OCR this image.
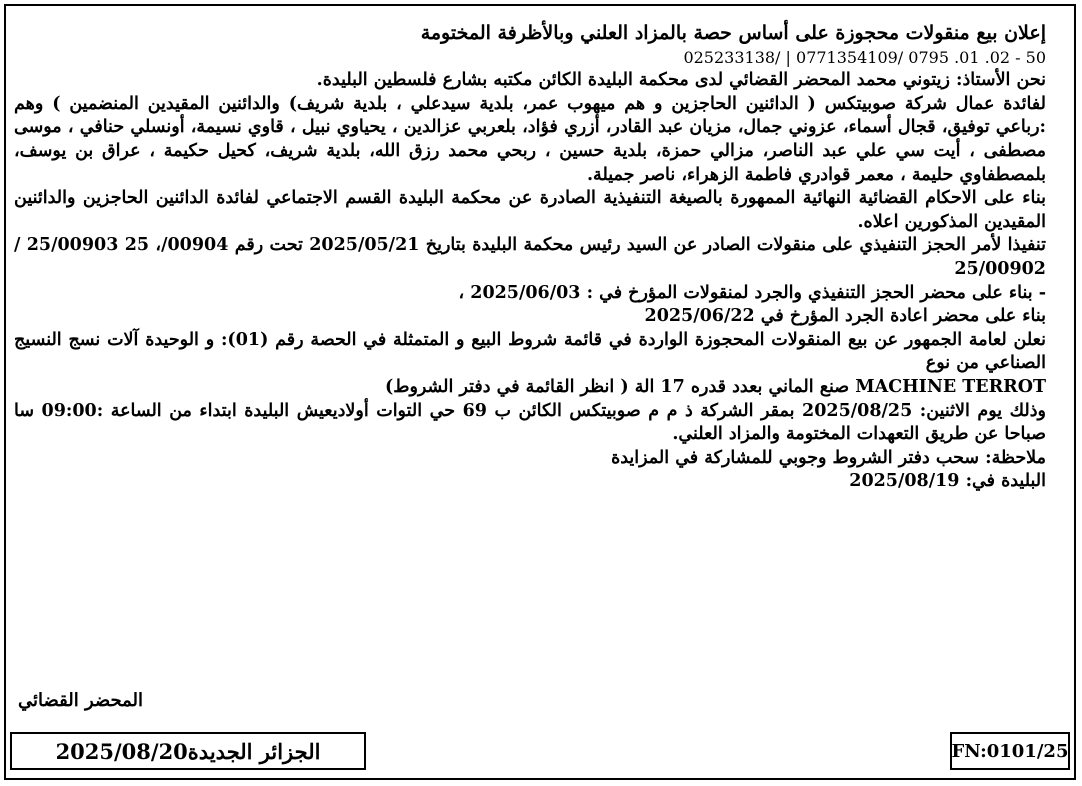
إعلان بيع منقولات محجوزة على أساس حصة بالمزاد العلني وبالأظرفة المختومة
025233138/ | 0771354109/ 0795 .01 .02 - 50
نحن الأستاذ: زيتوني محمد المحضر القضائي لدى محكمة البليدة الكائن مكتبه بشارع فلسطين البليدة.
لفائدة عمال شركة صوبيتكس ( الدائنين الحاجزين و هم ميهوب عمر، بلدية سيدعلي ، بلدية شريف) والدائنين المقيدين المنضمين ) وهم :رباعي توفيق، قجال أسماء، عزوني جمال، مزيان عبد القادر، أزري فؤاد، بلعربي عزالدين ، يحياوي نبيل ، قاوي نسيمة، أونسلي حنافي ، موسى مصطفى ، أيت سي علي عبد الناصر، مزالي حمزة، بلدية حسين ، ربحي محمد رزق الله، بلدية شريف، كحيل حكيمة ، عراق بن يوسف، بلمصطفاوي حليمة ، معمر قوادري فاطمة الزهراء، ناصر جميلة.
بناء على الاحكام القضائية النهائية الممهورة بالصيغة التنفيذية الصادرة عن محكمة البليدة القسم الاجتماعي لفائدة الدائنين الحاجزين والدائنين المقيدين المذكورين اعلاه.
تنفيذا لأمر الحجز التنفيذي على منقولات الصادر عن السيد رئيس محكمة البليدة بتاريخ 2025/05/21 تحت رقم 00904/، 25 25/00903 / 25/00902
- بناء على محضر الحجز التنفيذي والجرد لمنقولات المؤرخ في : 2025/06/03 ،
بناء على محضر اعادة الجرد المؤرخ في 2025/06/22
نعلن لعامة الجمهور عن بيع المنقولات المحجوزة الواردة في قائمة شروط البيع و المتمثلة في الحصة رقم (01): و الوحيدة آلات نسج النسيج الصناعي من نوع
MACHINE TERROT صنع الماني بعدد قدره 17 الة ( انظر القائمة في دفتر الشروط)
وذلك يوم الاثنين: 2025/08/25 بمقر الشركة ذ م م صوبيتكس الكائن ب 69 حي التوات أولاديعيش البليدة ابتداء من الساعة :09:00 سا صباحا عن طريق التعهدات المختومة والمزاد العلني.
ملاحظة: سحب دفتر الشروط وجوبي للمشاركة في المزايدة
البليدة في: 2025/08/19
المحضر القضائي
الجزائر الجديدة2025/08/20	FN:0101/25
